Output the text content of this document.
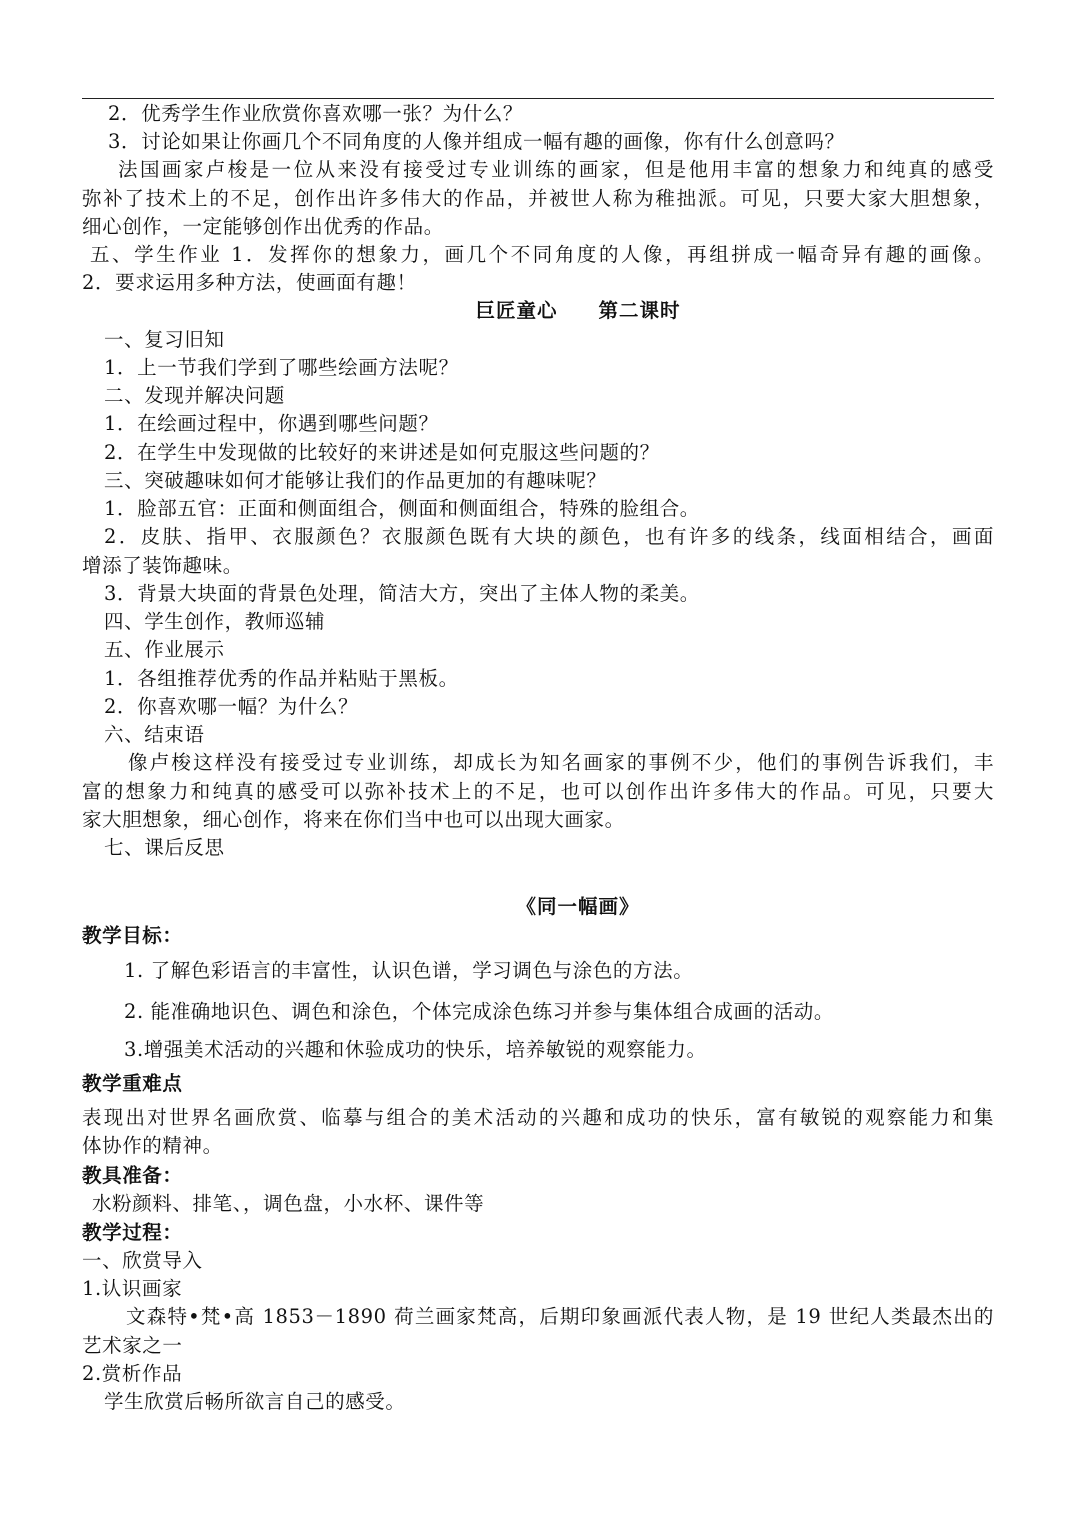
2．优秀学生作业欣赏你喜欢哪一张？为什么？
3．讨论如果让你画几个不同角度的人像并组成一幅有趣的画像，你有什么创意吗？
法国画家卢梭是一位从来没有接受过专业训练的画家，但是他用丰富的想象力和纯真的感受
弥补了技术上的不足，创作出许多伟大的作品，并被世人称为稚拙派。可见，只要大家大胆想象，
细心创作，一定能够创作出优秀的作品。
五、学生作业 1．发挥你的想象力，画几个不同角度的人像，再组拼成一幅奇异有趣的画像。
2．要求运用多种方法，使画面有趣！
巨匠童心　　第二课时
一、复习旧知
1．上一节我们学到了哪些绘画方法呢？
二、发现并解决问题
1．在绘画过程中，你遇到哪些问题？
2．在学生中发现做的比较好的来讲述是如何克服这些问题的？
三、突破趣味如何才能够让我们的作品更加的有趣味呢？
1．脸部五官：正面和侧面组合，侧面和侧面组合，特殊的脸组合。
2．皮肤、指甲、衣服颜色？衣服颜色既有大块的颜色，也有许多的线条，线面相结合，画面
增添了装饰趣味。
3．背景大块面的背景色处理，简洁大方，突出了主体人物的柔美。
四、学生创作，教师巡辅
五、作业展示
1．各组推荐优秀的作品并粘贴于黑板。
2．你喜欢哪一幅？为什么？
六、结束语
像卢梭这样没有接受过专业训练，却成长为知名画家的事例不少，他们的事例告诉我们，丰
富的想象力和纯真的感受可以弥补技术上的不足，也可以创作出许多伟大的作品。可见，只要大
家大胆想象，细心创作，将来在你们当中也可以出现大画家。
七、课后反思
《同一幅画》
教学目标：
1. 了解色彩语言的丰富性，认识色谱，学习调色与涂色的方法。
2. 能准确地识色、调色和涂色，个体完成涂色练习并参与集体组合成画的活动。
3.增强美术活动的兴趣和休验成功的快乐，培养敏锐的观察能力。
教学重难点
表现出对世界名画欣赏、临摹与组合的美术活动的兴趣和成功的快乐，富有敏锐的观察能力和集
体协作的精神。
教具准备：
水粉颜料、排笔、，调色盘，小水杯、课件等
教学过程：
一、欣赏导入
1.认识画家
文森特•梵•高 1853－1890 荷兰画家梵高，后期印象画派代表人物，是 19 世纪人类最杰出的
艺术家之一
2.赏析作品
学生欣赏后畅所欲言自己的感受。
